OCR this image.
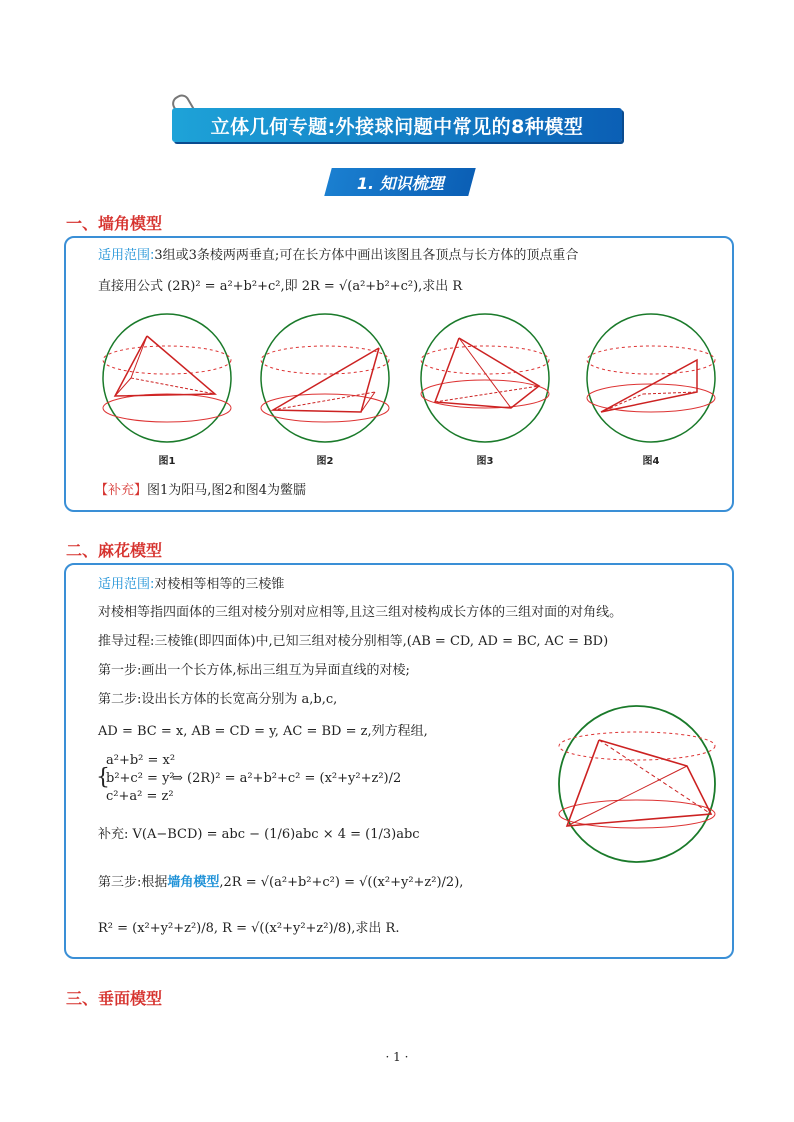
立体几何专题:外接球问题中常见的8种模型
1. 知识梳理
一、墙角模型
适用范围:3组或3条棱两两垂直;可在长方体中画出该图且各顶点与长方体的顶点重合
直接用公式 (2R)² = a²+b²+c²,即 2R = √(a²+b²+c²),求出 R
图1	图2	图3	图4
【补充】图1为阳马,图2和图4为鳖臑
二、麻花模型
适用范围:对棱相等相等的三棱锥
对棱相等指四面体的三组对棱分别对应相等,且这三组对棱构成长方体的三组对面的对角线。
推导过程:三棱锥(即四面体)中,已知三组对棱分别相等,(AB = CD, AD = BC, AC = BD)
第一步:画出一个长方体,标出三组互为异面直线的对棱;
第二步:设出长方体的长宽高分别为 a,b,c,
AD = BC = x, AB = CD = y, AC = BD = z,列方程组,
{
a²+b² = x²
b²+c² = y²
c²+a² = z²
⇒ (2R)² = a²+b²+c² = (x²+y²+z²)/2
补充: V(A−BCD) = abc − (1/6)abc × 4 = (1/3)abc
第三步:根据墙角模型,2R = √(a²+b²+c²) = √((x²+y²+z²)/2),
R² = (x²+y²+z²)/8, R = √((x²+y²+z²)/8),求出 R.
三、垂面模型
· 1 ·
